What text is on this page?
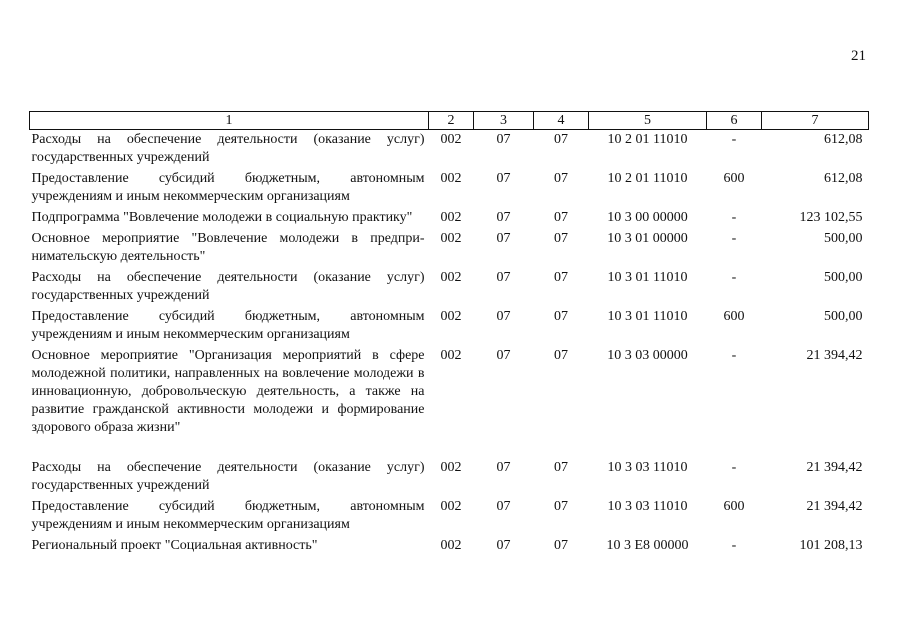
21
1	2	3	4	5	6	7
Расходы на обеспечение деятельности (оказание услуг) государственных учреждений	002	07	07	10 2 01 11010	-	612,08
Предоставление субсидий бюджетным, автономным учреждениям и иным некоммерческим организациям	002	07	07	10 2 01 11010	600	612,08
Подпрограмма "Вовлечение молодежи в социальную практику"	002	07	07	10 3 00 00000	-	123 102,55
Основное мероприятие "Вовлечение молодежи в предпри-нимательскую деятельность"	002	07	07	10 3 01 00000	-	500,00
Расходы на обеспечение деятельности (оказание услуг) государственных учреждений	002	07	07	10 3 01 11010	-	500,00
Предоставление субсидий бюджетным, автономным учреждениям и иным некоммерческим организациям	002	07	07	10 3 01 11010	600	500,00
Основное мероприятие "Организация мероприятий в сфере молодежной политики, направленных на вовлечение молодежи в инновационную, добровольческую деятельность, а также на развитие гражданской активности молодежи и формирование здорового образа жизни"	002	07	07	10 3 03 00000	-	21 394,42

Расходы на обеспечение деятельности (оказание услуг) государственных учреждений	002	07	07	10 3 03 11010	-	21 394,42
Предоставление субсидий бюджетным, автономным учреждениям и иным некоммерческим организациям	002	07	07	10 3 03 11010	600	21 394,42
Региональный проект "Социальная активность"	002	07	07	10 3 E8 00000	-	101 208,13
